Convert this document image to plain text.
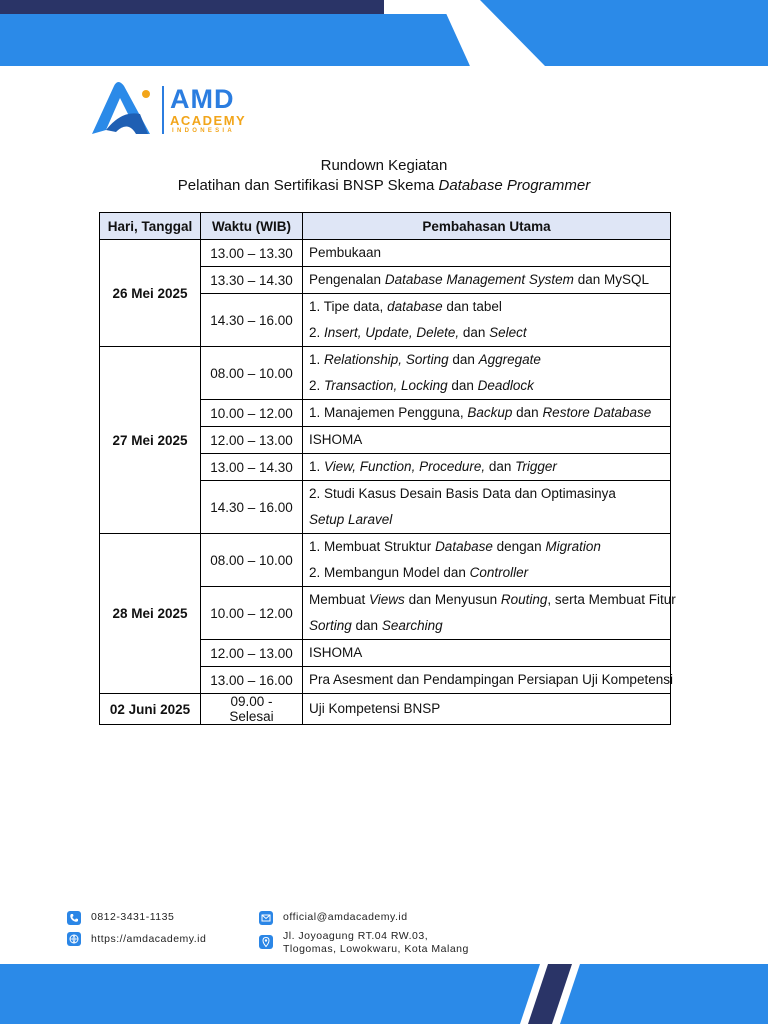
AMD
ACADEMY
INDONESIA
Rundown Kegiatan
Pelatihan dan Sertifikasi BNSP Skema Database Programmer
Hari, Tanggal	Waktu (WIB)	Pembahasan Utama
26 Mei 2025	13.00 – 13.30	Pembukaan

	13.30 – 14.30	Pengenalan Database Management System dan MySQL

	14.30 – 16.00	1. Tipe data, database dan tabel
2. Insert, Update, Delete, dan Select

27 Mei 2025	08.00 – 10.00	1. Relationship, Sorting dan Aggregate
2. Transaction, Locking dan Deadlock

	10.00 – 12.00	1. Manajemen Pengguna, Backup dan Restore Database

	12.00 – 13.00	ISHOMA

	13.00 – 14.30	1. View, Function, Procedure, dan Trigger

	14.30 – 16.00	2. Studi Kasus Desain Basis Data dan Optimasinya
Setup Laravel

28 Mei 2025	08.00 – 10.00	1. Membuat Struktur Database dengan Migration
2. Membangun Model dan Controller

	10.00 – 12.00	Membuat Views dan Menyusun Routing, serta Membuat Fitur
Sorting dan Searching

	12.00 – 13.00	ISHOMA

	13.00 – 16.00	Pra Asesment dan Pendampingan Persiapan Uji Kompetensi

02 Juni 2025	09.00 - Selesai	Uji Kompetensi BNSP
0812-3431-1135
https://amdacademy.id
official@amdacademy.id
Jl. Joyoagung RT.04 RW.03,
Tlogomas, Lowokwaru, Kota Malang
